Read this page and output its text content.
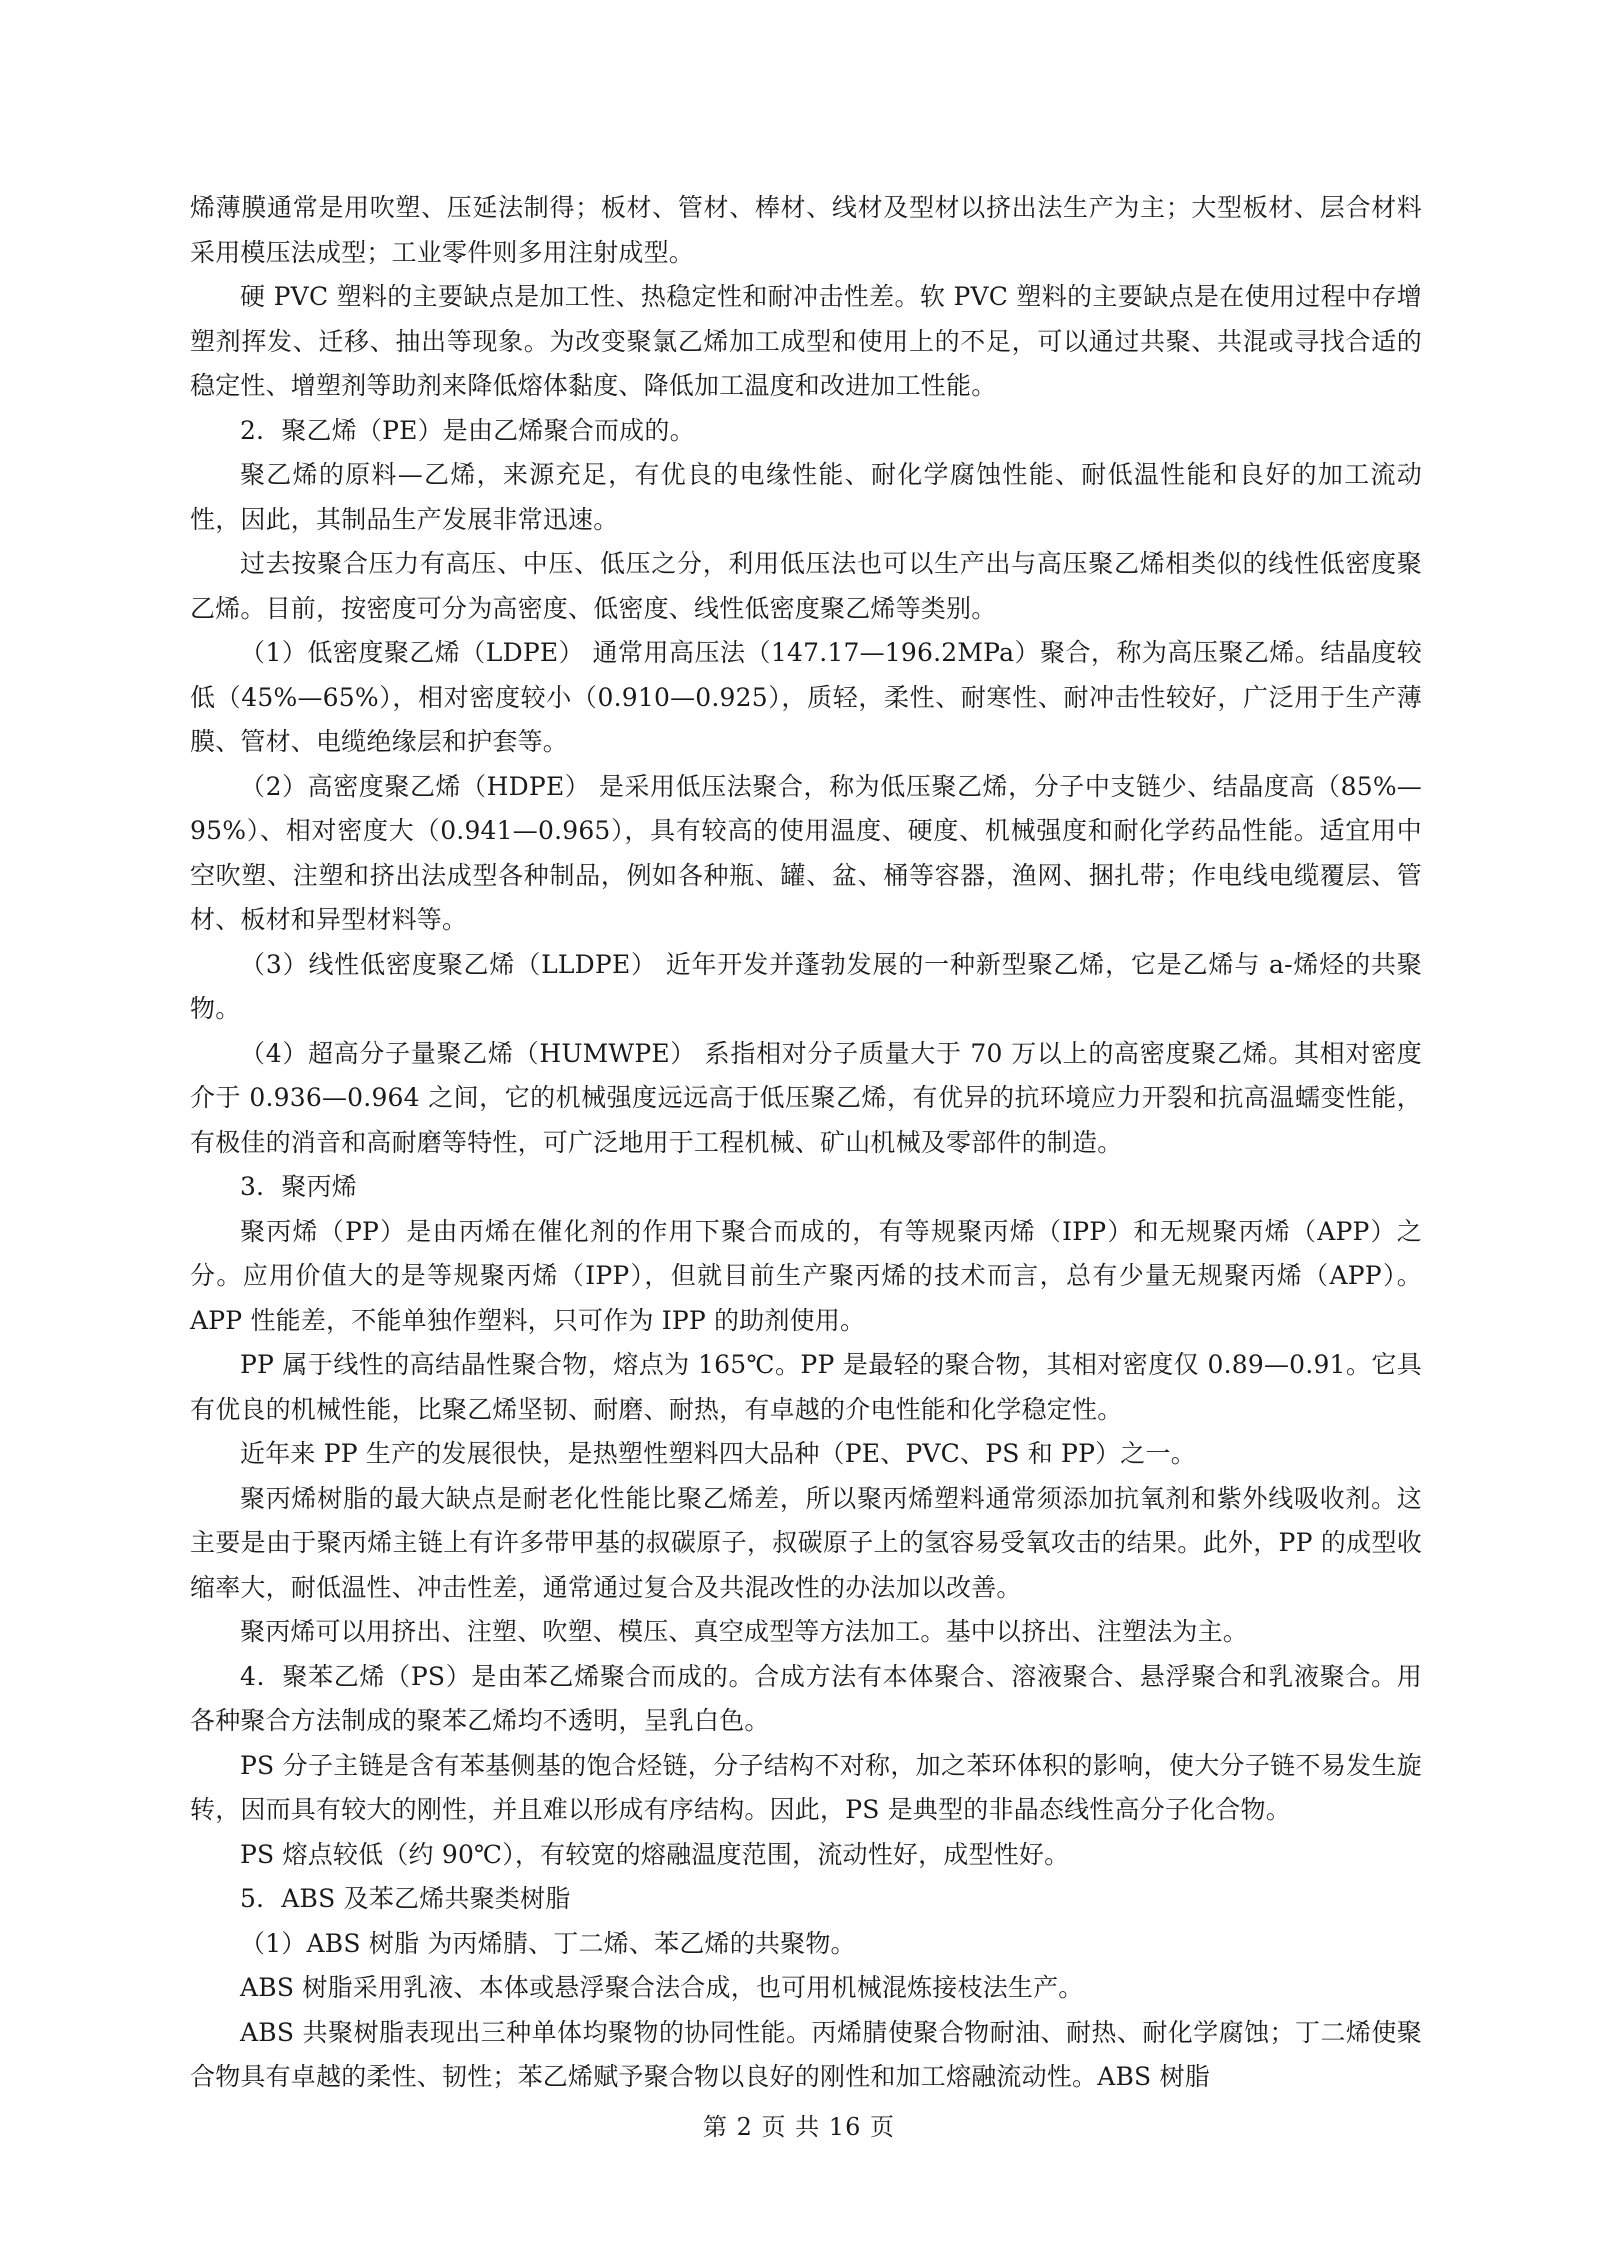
烯薄膜通常是用吹塑、压延法制得；板材、管材、棒材、线材及型材以挤出法生产为主；大型板材、层合材料采用模压法成型；工业零件则多用注射成型。

硬 PVC 塑料的主要缺点是加工性、热稳定性和耐冲击性差。软 PVC 塑料的主要缺点是在使用过程中存增塑剂挥发、迁移、抽出等现象。为改变聚氯乙烯加工成型和使用上的不足，可以通过共聚、共混或寻找合适的稳定性、增塑剂等助剂来降低熔体黏度、降低加工温度和改进加工性能。

2．聚乙烯（PE）是由乙烯聚合而成的。

聚乙烯的原料—乙烯，来源充足，有优良的电缘性能、耐化学腐蚀性能、耐低温性能和良好的加工流动性，因此，其制品生产发展非常迅速。

过去按聚合压力有高压、中压、低压之分，利用低压法也可以生产出与高压聚乙烯相类似的线性低密度聚乙烯。目前，按密度可分为高密度、低密度、线性低密度聚乙烯等类别。

（1）低密度聚乙烯（LDPE） 通常用高压法（147.17—196.2MPa）聚合，称为高压聚乙烯。结晶度较低（45%—65%），相对密度较小（0.910—0.925），质轻，柔性、耐寒性、耐冲击性较好，广泛用于生产薄膜、管材、电缆绝缘层和护套等。

（2）高密度聚乙烯（HDPE） 是采用低压法聚合，称为低压聚乙烯，分子中支链少、结晶度高（85%—95%）、相对密度大（0.941—0.965），具有较高的使用温度、硬度、机械强度和耐化学药品性能。适宜用中空吹塑、注塑和挤出法成型各种制品，例如各种瓶、罐、盆、桶等容器，渔网、捆扎带；作电线电缆覆层、管材、板材和异型材料等。

（3）线性低密度聚乙烯（LLDPE） 近年开发并蓬勃发展的一种新型聚乙烯，它是乙烯与 a-烯烃的共聚物。

（4）超高分子量聚乙烯（HUMWPE） 系指相对分子质量大于 70 万以上的高密度聚乙烯。其相对密度介于 0.936—0.964 之间，它的机械强度远远高于低压聚乙烯，有优异的抗环境应力开裂和抗高温蠕变性能，有极佳的消音和高耐磨等特性，可广泛地用于工程机械、矿山机械及零部件的制造。

3．聚丙烯

聚丙烯（PP）是由丙烯在催化剂的作用下聚合而成的，有等规聚丙烯（IPP）和无规聚丙烯（APP）之分。应用价值大的是等规聚丙烯（IPP），但就目前生产聚丙烯的技术而言，总有少量无规聚丙烯（APP）。APP 性能差，不能单独作塑料，只可作为 IPP 的助剂使用。

PP 属于线性的高结晶性聚合物，熔点为 165℃。PP 是最轻的聚合物，其相对密度仅 0.89—0.91。它具有优良的机械性能，比聚乙烯坚韧、耐磨、耐热，有卓越的介电性能和化学稳定性。

近年来 PP 生产的发展很快，是热塑性塑料四大品种（PE、PVC、PS 和 PP）之一。

聚丙烯树脂的最大缺点是耐老化性能比聚乙烯差，所以聚丙烯塑料通常须添加抗氧剂和紫外线吸收剂。这主要是由于聚丙烯主链上有许多带甲基的叔碳原子，叔碳原子上的氢容易受氧攻击的结果。此外，PP 的成型收缩率大，耐低温性、冲击性差，通常通过复合及共混改性的办法加以改善。

聚丙烯可以用挤出、注塑、吹塑、模压、真空成型等方法加工。基中以挤出、注塑法为主。

4．聚苯乙烯（PS）是由苯乙烯聚合而成的。合成方法有本体聚合、溶液聚合、悬浮聚合和乳液聚合。用各种聚合方法制成的聚苯乙烯均不透明，呈乳白色。

PS 分子主链是含有苯基侧基的饱合烃链，分子结构不对称，加之苯环体积的影响，使大分子链不易发生旋转，因而具有较大的刚性，并且难以形成有序结构。因此，PS 是典型的非晶态线性高分子化合物。

PS 熔点较低（约 90℃），有较宽的熔融温度范围，流动性好，成型性好。

5．ABS 及苯乙烯共聚类树脂

（1）ABS 树脂 为丙烯腈、丁二烯、苯乙烯的共聚物。

ABS 树脂采用乳液、本体或悬浮聚合法合成，也可用机械混炼接枝法生产。

ABS 共聚树脂表现出三种单体均聚物的协同性能。丙烯腈使聚合物耐油、耐热、耐化学腐蚀；丁二烯使聚合物具有卓越的柔性、韧性；苯乙烯赋予聚合物以良好的刚性和加工熔融流动性。ABS 树脂

第 2 页 共 16 页
